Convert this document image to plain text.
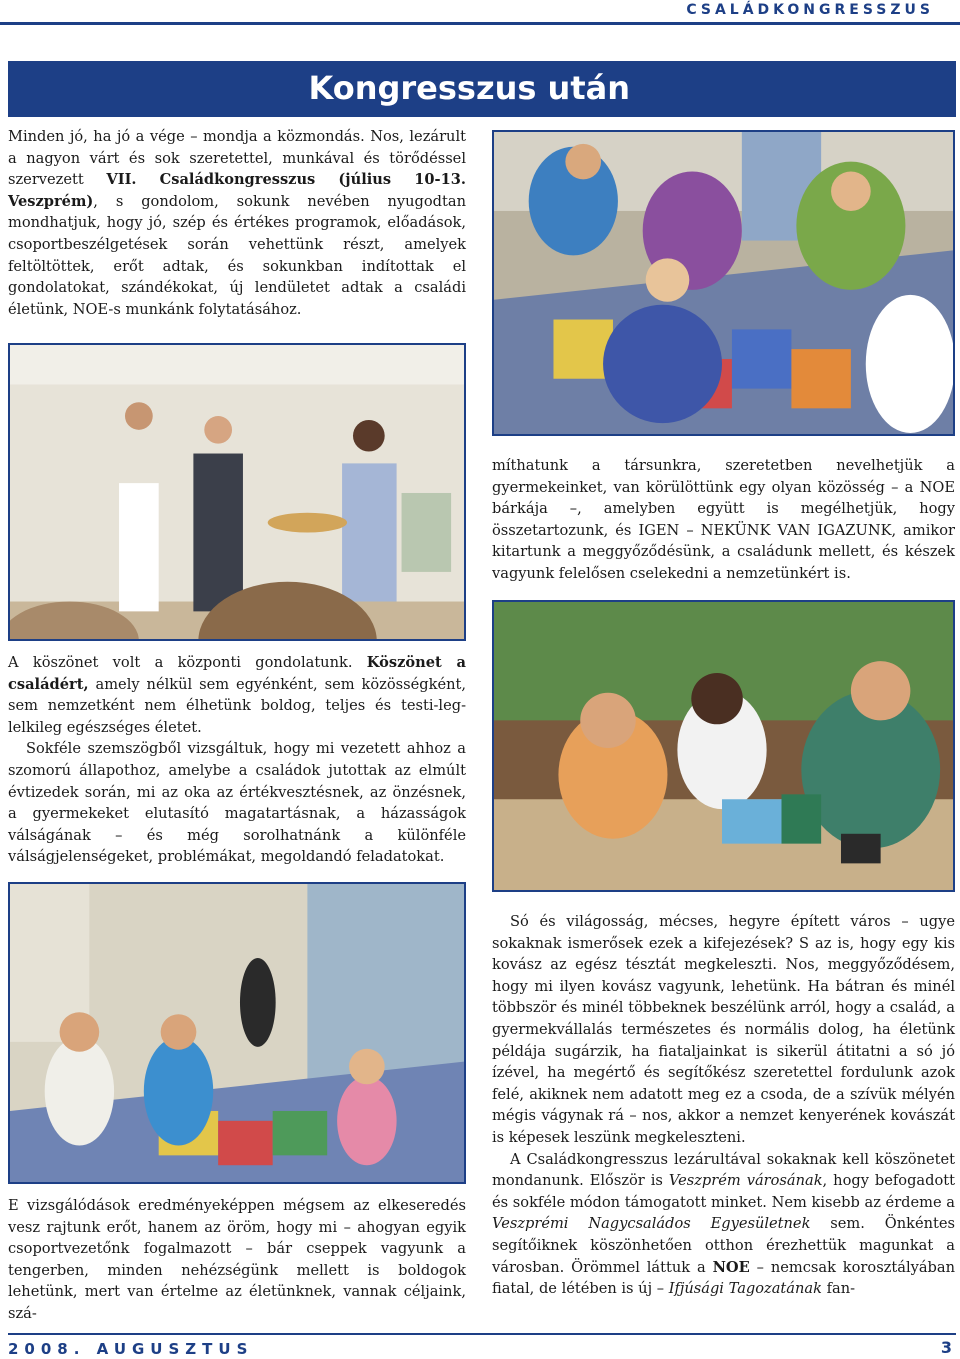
CSALÁDKONGRESSZUS
Kongresszus után

Minden jó, ha jó a vége – mondja a közmondás. Nos, lezárult a nagyon várt és sok szeretettel, munkával és törődéssel szervezett VII. Családkongresszus (július 10-13. Veszprém), s gondolom, sokunk nevében nyugodtan mondhatjuk, hogy jó, szép és értékes programok, előadások, csoportbeszélgetések során vehettünk részt, amelyek feltöltöttek, erőt adtak, és sokunkban indítottak el gondolatokat, szándékokat, új lendületet adtak a családi életünk, NOE-s munkánk folytatásához.

A köszönet volt a központi gondolatunk. Köszönet a családért, amely nélkül sem egyénként, sem közösségként, sem nemzetként nem élhetünk boldog, teljes és testi-leg-lelkileg egészséges életet.

Sokféle szemszögből vizsgáltuk, hogy mi vezetett ahhoz a szomorú állapothoz, amelybe a családok jutottak az elmúlt évtizedek során, mi az oka az értékvesztésnek, az önzésnek, a gyermekeket elutasító magatartásnak, a házasságok válságának – és még sorolhatnánk a különféle válságjelenségeket, problémákat, megoldandó feladatokat.

E vizsgálódások eredményeképpen mégsem az elkeseredés vesz rajtunk erőt, hanem az öröm, hogy mi – ahogyan egyik csoportvezetőnk fogalmazott – bár cseppek vagyunk a tengerben, minden nehézségünk mellett is boldogok lehetünk, mert van értelme az életünknek, vannak céljaink, szá-

míthatunk a társunkra, szeretetben nevelhetjük a gyermekeinket, van körülöttünk egy olyan közösség – a NOE bárkája –, amelyben együtt is megélhetjük, hogy összetartozunk, és IGEN – NEKÜNK VAN IGAZUNK, amikor kitartunk a meggyőződésünk, a családunk mellett, és készek vagyunk felelősen cselekedni a nemzetünkért is.

Só és világosság, mécses, hegyre épített város – ugye sokaknak ismerősek ezek a kifejezések? S az is, hogy egy kis kovász az egész tésztát megkeleszti. Nos, meggyőződésem, hogy mi ilyen kovász vagyunk, lehetünk. Ha bátran és minél többször és minél többeknek beszélünk arról, hogy a család, a gyermekvállalás természetes és normális dolog, ha életünk példája sugárzik, ha fiataljainkat is sikerül átitatni a só jó ízével, ha megértő és segítőkész szeretettel fordulunk azok felé, akiknek nem adatott meg ez a csoda, de a szívük mélyén mégis vágynak rá – nos, akkor a nemzet kenyerének kovászát is képesek leszünk megkeleszteni.

A Családkongresszus lezárultával sokaknak kell köszönetet mondanunk. Először is Veszprém városának, hogy befogadott és sokféle módon támogatott minket. Nem kisebb az érdeme a Veszprémi Nagycsaládos Egyesületnek sem. Önkéntes segítőiknek köszönhetően otthon érezhettük magunkat a városban. Örömmel láttuk a NOE – nemcsak korosztályában fiatal, de létében is új – Ifjúsági Tagozatának fan-

2008. AUGUSZTUS	3
